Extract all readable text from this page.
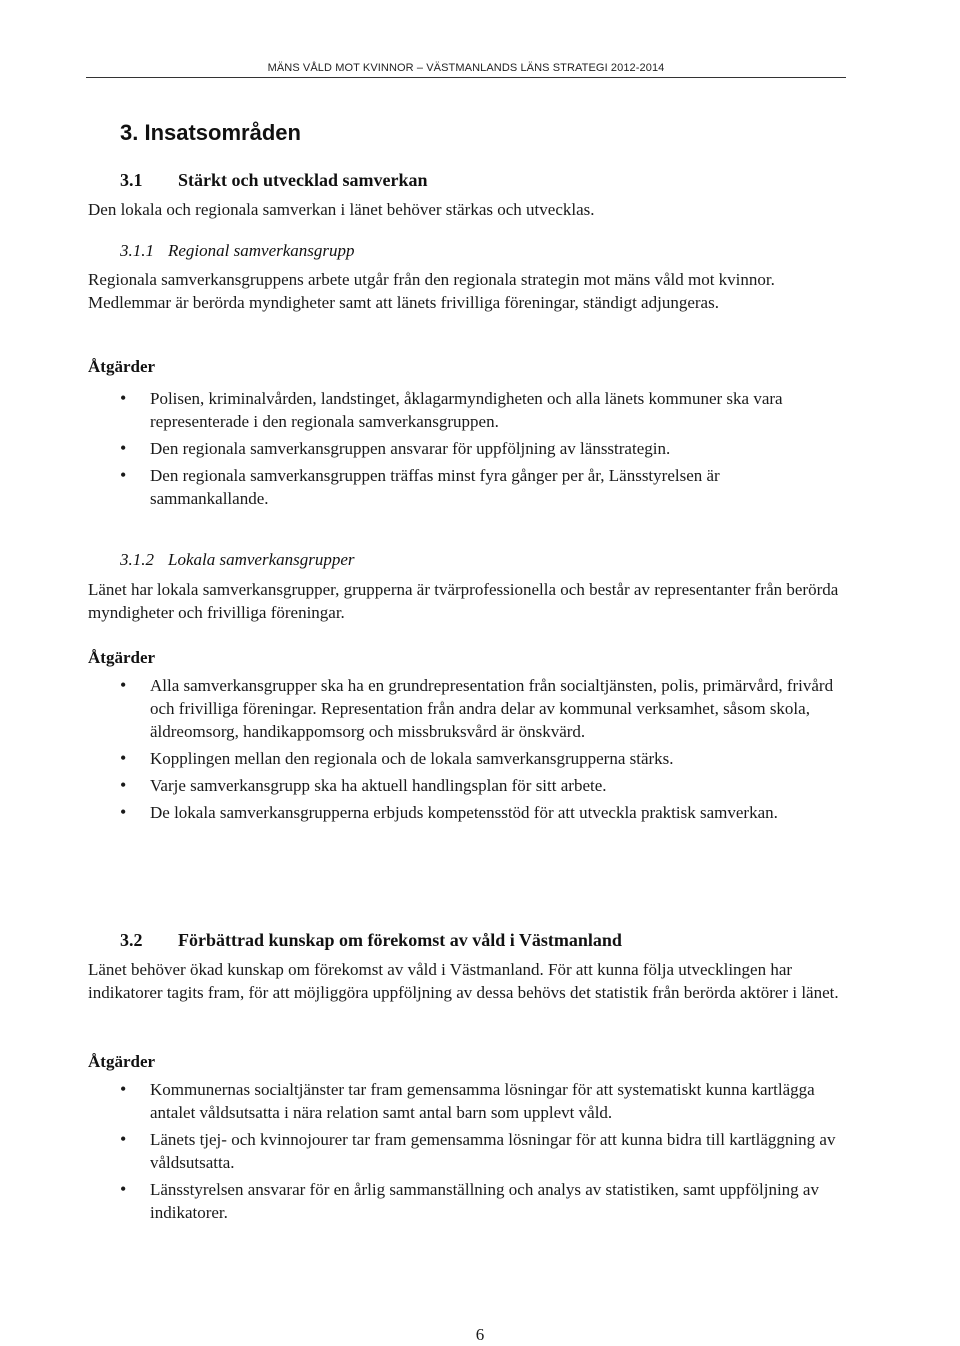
MÄNS VÅLD MOT KVINNOR – VÄSTMANLANDS LÄNS STRATEGI 2012-2014
3. Insatsområden
3.1 Stärkt och utvecklad samverkan
Den lokala och regionala samverkan i länet behöver stärkas och utvecklas.
3.1.1 Regional samverkansgrupp
Regionala samverkansgruppens arbete utgår från den regionala strategin mot mäns våld mot kvinnor. Medlemmar är berörda myndigheter samt att länets frivilliga föreningar, ständigt adjungeras.
Åtgärder
• Polisen, kriminalvården, landstinget, åklagarmyndigheten och alla länets kommuner ska vara representerade i den regionala samverkansgruppen.
• Den regionala samverkansgruppen ansvarar för uppföljning av länsstrategin.
• Den regionala samverkansgruppen träffas minst fyra gånger per år, Länsstyrelsen är sammankallande.
3.1.2 Lokala samverkansgrupper
Länet har lokala samverkansgrupper, grupperna är tvärprofessionella och består av representanter från berörda myndigheter och frivilliga föreningar.
Åtgärder
• Alla samverkansgrupper ska ha en grundrepresentation från socialtjänsten, polis, primärvård, frivård och frivilliga föreningar. Representation från andra delar av kommunal verksamhet, såsom skola, äldreomsorg, handikappomsorg och missbruksvård är önskvärd.
• Kopplingen mellan den regionala och de lokala samverkansgrupperna stärks.
• Varje samverkansgrupp ska ha aktuell handlingsplan för sitt arbete.
• De lokala samverkansgrupperna erbjuds kompetensstöd för att utveckla praktisk samverkan.
3.2 Förbättrad kunskap om förekomst av våld i Västmanland
Länet behöver ökad kunskap om förekomst av våld i Västmanland. För att kunna följa utvecklingen har indikatorer tagits fram, för att möjliggöra uppföljning av dessa behövs det statistik från berörda aktörer i länet.
Åtgärder
• Kommunernas socialtjänster tar fram gemensamma lösningar för att systematiskt kunna kartlägga antalet våldsutsatta i nära relation samt antal barn som upplevt våld.
• Länets tjej- och kvinnojourer tar fram gemensamma lösningar för att kunna bidra till kartläggning av våldsutsatta.
• Länsstyrelsen ansvarar för en årlig sammanställning och analys av statistiken, samt uppföljning av indikatorer.
6
